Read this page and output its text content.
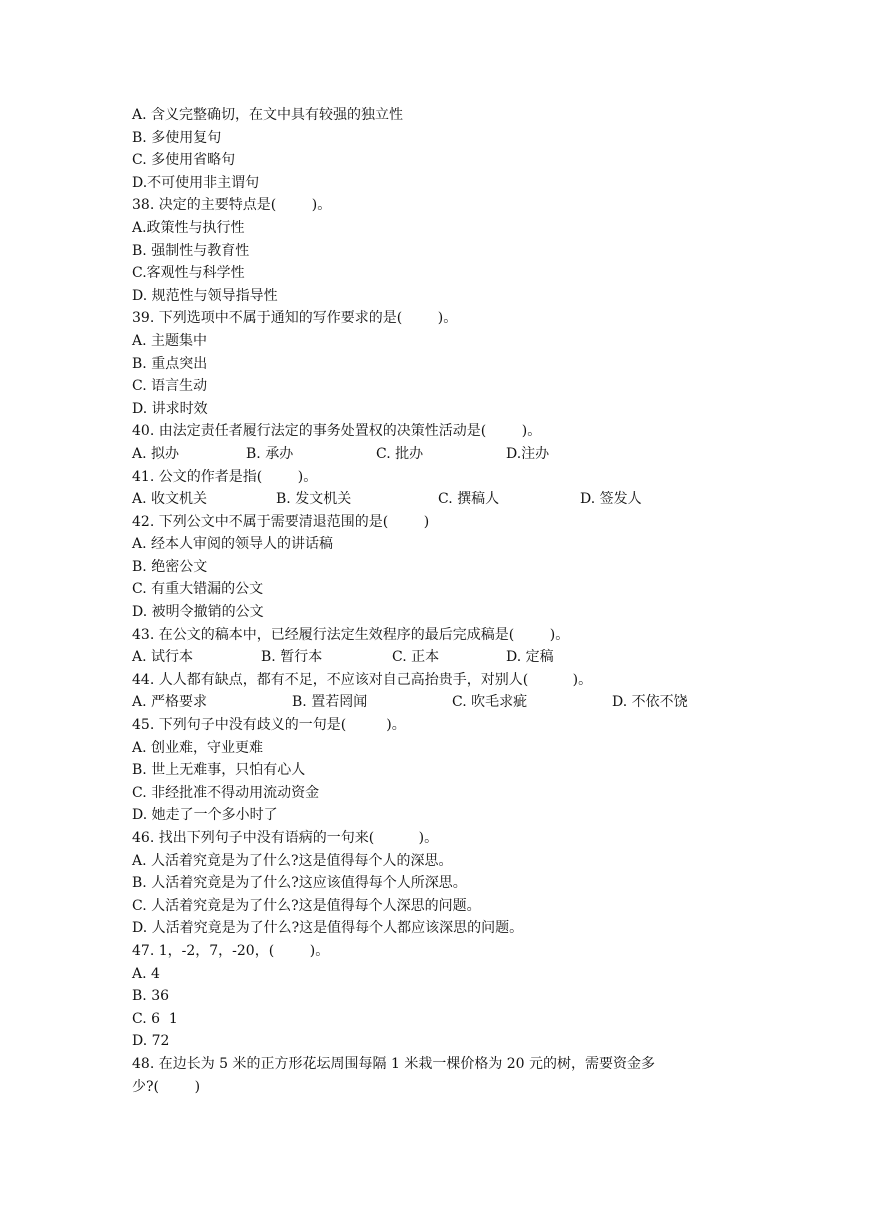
A. 含义完整确切，在文中具有较强的独立性
B. 多使用复句
C. 多使用省略句
D.不可使用非主谓句
38. 决定的主要特点是(        )。
A.政策性与执行性
B. 强制性与教育性
C.客观性与科学性
D. 规范性与领导指导性
39. 下列选项中不属于通知的写作要求的是(        )。
A. 主题集中
B. 重点突出
C. 语言生动
D. 讲求时效
40. 由法定责任者履行法定的事务处置权的决策性活动是(        )。
A. 拟办	B. 承办	C. 批办	D.注办
41. 公文的作者是指(        )。
A. 收文机关	B. 发文机关	C. 撰稿人	D. 签发人
42. 下列公文中不属于需要清退范围的是(        )
A. 经本人审阅的领导人的讲话稿
B. 绝密公文
C. 有重大错漏的公文
D. 被明令撤销的公文
43. 在公文的稿本中，已经履行法定生效程序的最后完成稿是(        )。
A. 试行本	B. 暂行本	C. 正本	D. 定稿
44. 人人都有缺点，都有不足，不应该对自己高抬贵手，对别人(          )。
A. 严格要求	B. 置若罔闻	C. 吹毛求疵	D. 不依不饶
45. 下列句子中没有歧义的一句是(         )。
A. 创业难，守业更难
B. 世上无难事，只怕有心人
C. 非经批准不得动用流动资金
D. 她走了一个多小时了
46. 找出下列句子中没有语病的一句来(          )。
A. 人活着究竟是为了什么?这是值得每个人的深思。
B. 人活着究竟是为了什么?这应该值得每个人所深思。
C. 人活着究竟是为了什么?这是值得每个人深思的问题。
D. 人活着究竟是为了什么?这是值得每个人都应该深思的问题。
47. 1，-2，7，-20，(        )。
A. 4
B. 36
C. 6  1
D. 72
48. 在边长为 5 米的正方形花坛周围每隔 1 米栽一棵价格为 20 元的树，需要资金多
少?(        )
